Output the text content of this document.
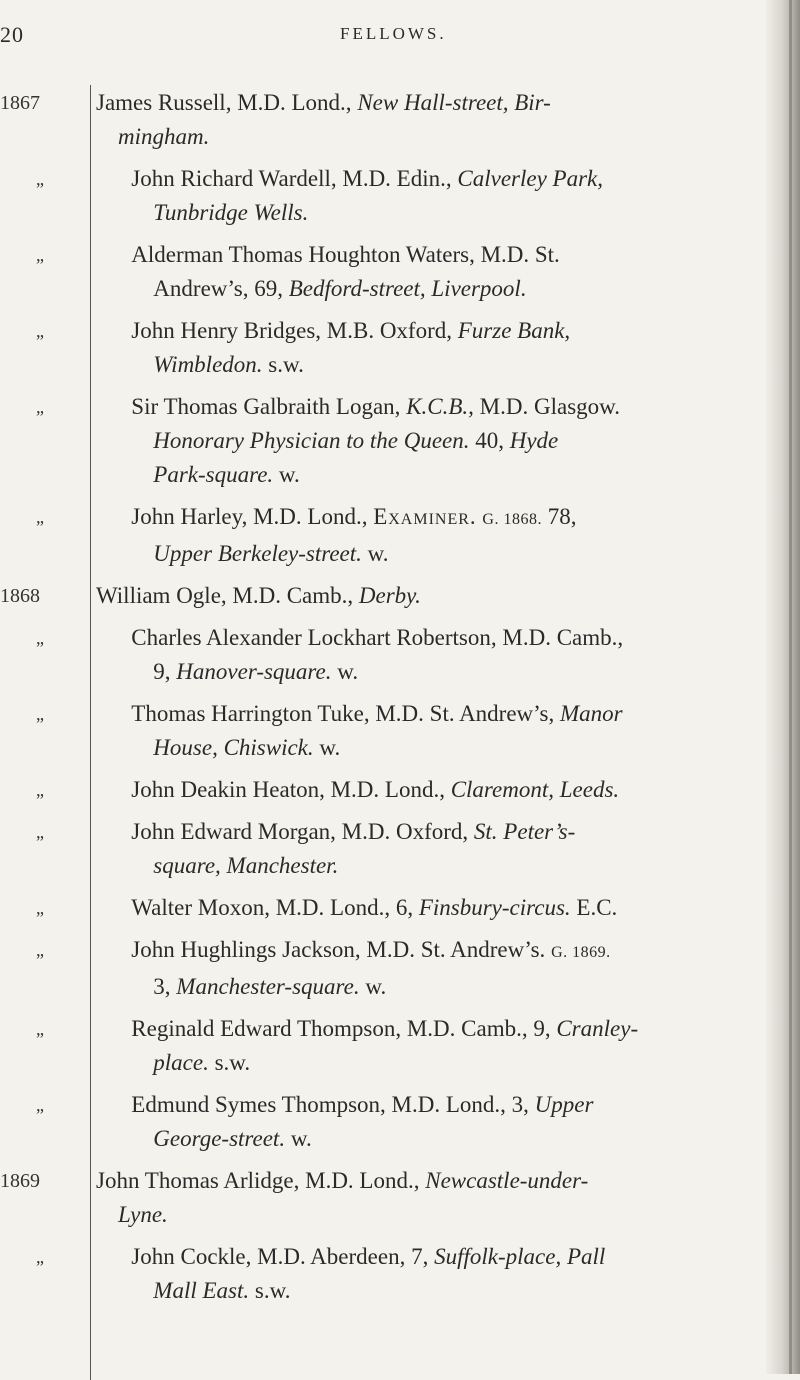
20	FELLOWS.
1867	James Russell, M.D. Lond., New Hall-street, Bir-
mingham.
„	John Richard Wardell, M.D. Edin., Calverley Park,
Tunbridge Wells.
„	Alderman Thomas Houghton Waters, M.D. St.
Andrew’s, 69, Bedford-street, Liverpool.
„	John Henry Bridges, M.B. Oxford, Furze Bank,
Wimbledon. s.w.
„	Sir Thomas Galbraith Logan, K.C.B., M.D. Glasgow.
Honorary Physician to the Queen. 40, Hyde
Park-square. w.
„	John Harley, M.D. Lond., Examiner. G. 1868. 78,
Upper Berkeley-street. w.
1868	William Ogle, M.D. Camb., Derby.
„	Charles Alexander Lockhart Robertson, M.D. Camb.,
9, Hanover-square. w.
„	Thomas Harrington Tuke, M.D. St. Andrew’s, Manor
House, Chiswick. w.
„	John Deakin Heaton, M.D. Lond., Claremont, Leeds.
„	John Edward Morgan, M.D. Oxford, St. Peter’s-
square, Manchester.
„	Walter Moxon, M.D. Lond., 6, Finsbury-circus. E.C.
„	John Hughlings Jackson, M.D. St. Andrew’s. G. 1869.
3, Manchester-square. w.
„	Reginald Edward Thompson, M.D. Camb., 9, Cranley-
place. s.w.
„	Edmund Symes Thompson, M.D. Lond., 3, Upper
George-street. w.
1869	John Thomas Arlidge, M.D. Lond., Newcastle-under-
Lyne.
„	John Cockle, M.D. Aberdeen, 7, Suffolk-place, Pall
Mall East. s.w.
